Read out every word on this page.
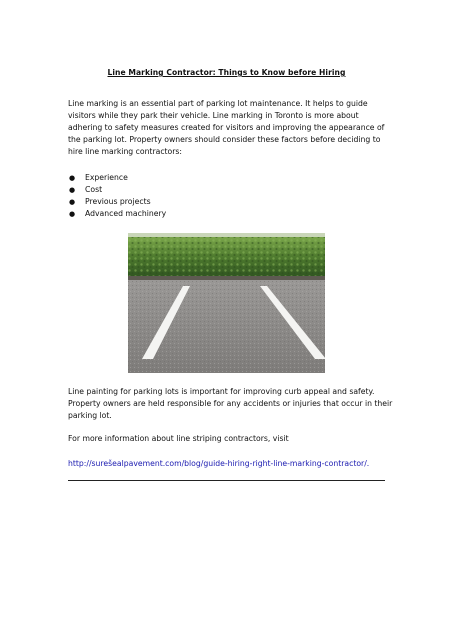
Line Marking Contractor: Things to Know before Hiring

Line marking is an essential part of parking lot maintenance. It helps to guide visitors while they park their vehicle. Line marking in Toronto is more about adhering to safety measures created for visitors and improving the appearance of the parking lot. Property owners should consider these factors before deciding to hire line marking contractors:

● Experience
● Cost
● Previous projects
● Advanced machinery

Line painting for parking lots is important for improving curb appeal and safety. Property owners are held responsible for any accidents or injuries that occur in their parking lot.

For more information about line striping contractors, visit

http://surešealpavement.com/blog/guide-hiring-right-line-marking-contractor/.
